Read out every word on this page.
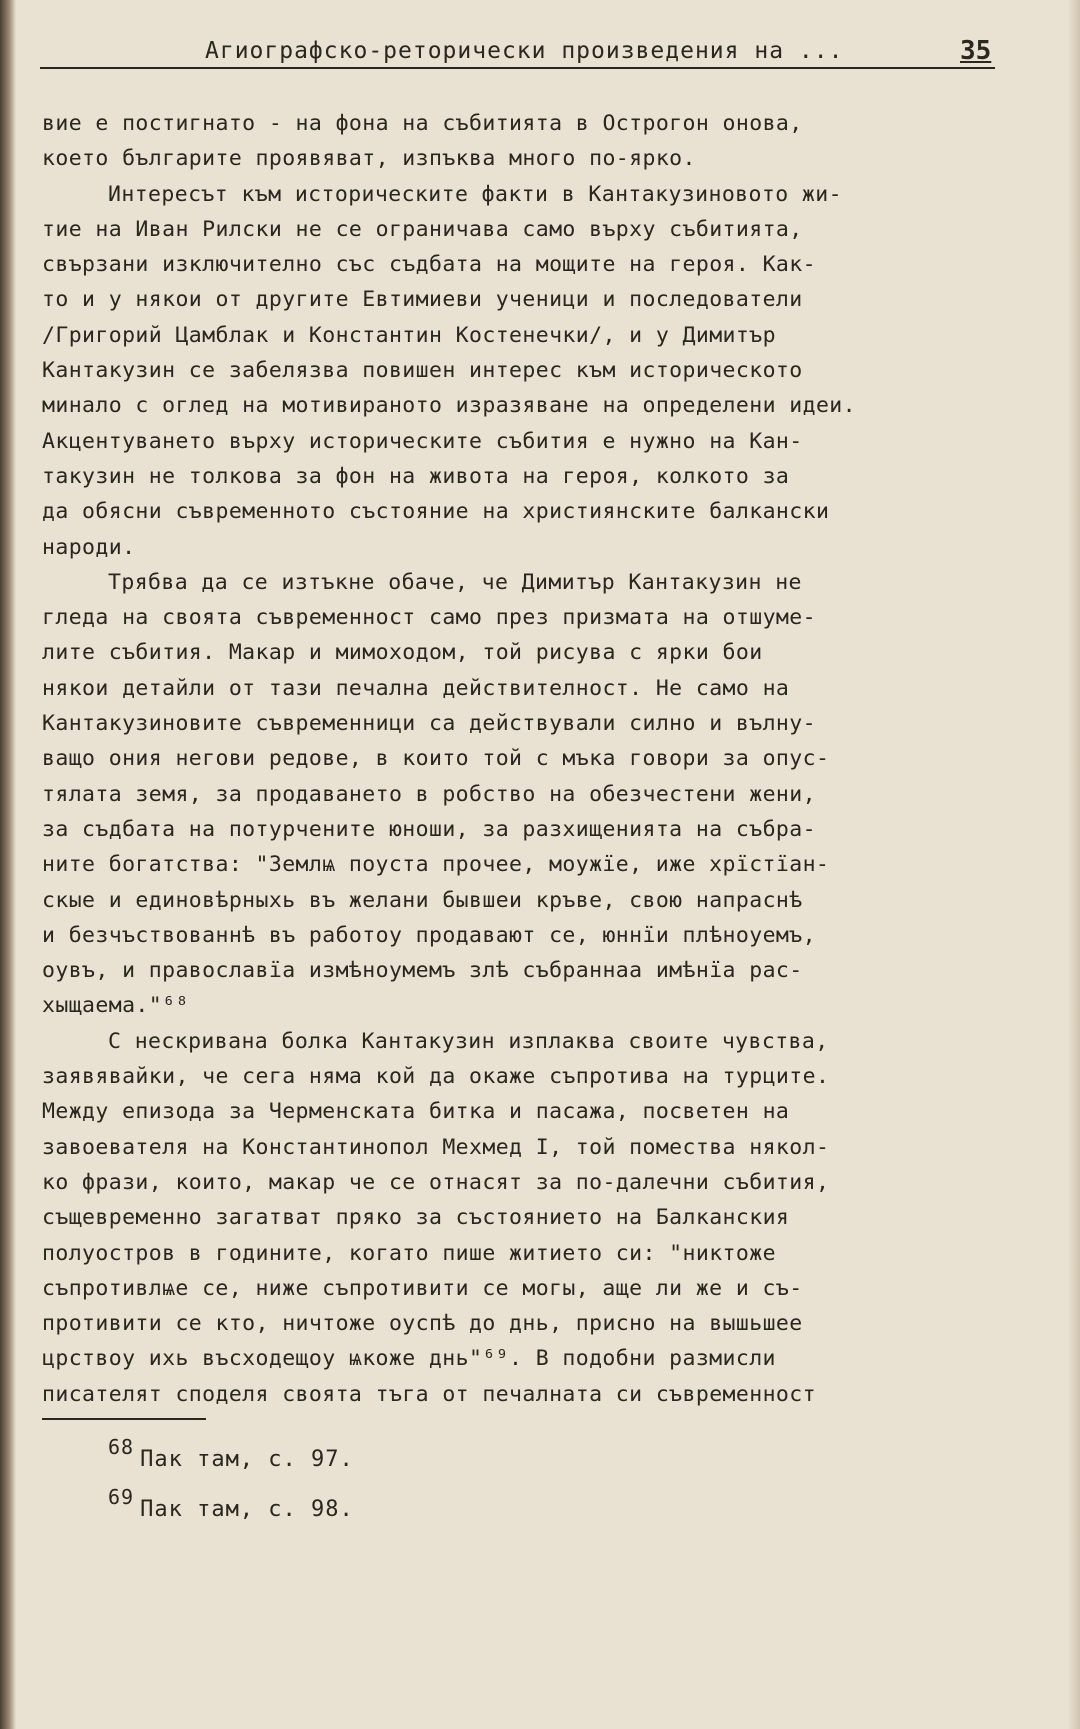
Агиографско-реторически произведения на ...	35
вие е постигнато - на фона на събитията в Острогон онова,
което българите проявяват, изпъква много по-ярко.
Интересът към историческите факти в Кантакузиновото жи-
тие на Иван Рилски не се ограничава само върху събитията,
свързани изключително със съдбата на мощите на героя. Как-
то и у някои от другите Евтимиеви ученици и последователи
/Григорий Цамблак и Константин Костенечки/, и у Димитър
Кантакузин се забелязва повишен интерес към историческото
минало с оглед на мотивираното изразяване на определени идеи.
Акцентуването върху историческите събития е нужно на Кан-
такузин не толкова за фон на живота на героя, колкото за
да обясни съвременното състояние на християнските балкански
народи.
Трябва да се изтъкне обаче, че Димитър Кантакузин не
гледа на своята съвременност само през призмата на отшуме-
лите събития. Макар и мимоходом, той рисува с ярки бои
някои детайли от тази печална действителност. Не само на
Кантакузиновите съвременници са действували силно и вълну-
ващо ония негови редове, в които той с мъка говори за опус-
тялата земя, за продаването в робство на обезчестени жени,
за съдбата на потурчените юноши, за разхищенията на събра-
ните богатства: "Землѩ поуста прочее, моужїе, иже хрїстїан-
скые и единовѣрныхь въ желани бывшеи кръве, свою напраснѣ
и безчъствованнѣ въ работоу продавают се, юннїи плѣноуемъ,
оувъ, и православїа измѣноумемъ злѣ събраннаа имѣнїа рас-
хыщаема."⁶⁸
С нескривана болка Кантакузин изплаква своите чувства,
заявявайки, че сега няма кой да окаже съпротива на турците.
Между епизода за Черменската битка и пасажа, посветен на
завоевателя на Константинопол Мехмед I, той помества някол-
ко фрази, които, макар че се отнасят за по-далечни събития,
същевременно загатват пряко за състоянието на Балканския
полуостров в годините, когато пише житието си: "никтоже
съпротивлѩе се, ниже съпротивити се могы, аще ли же и съ-
противити се кто, ничтоже оуспѣ до днь, присно на вышьшее
црствоу ихь въсходещоу ѩкоже днь"⁶⁹. В подобни размисли
писателят споделя своята тъга от печалната си съвременност
68 Пак там, с. 97.
69 Пак там, с. 98.
